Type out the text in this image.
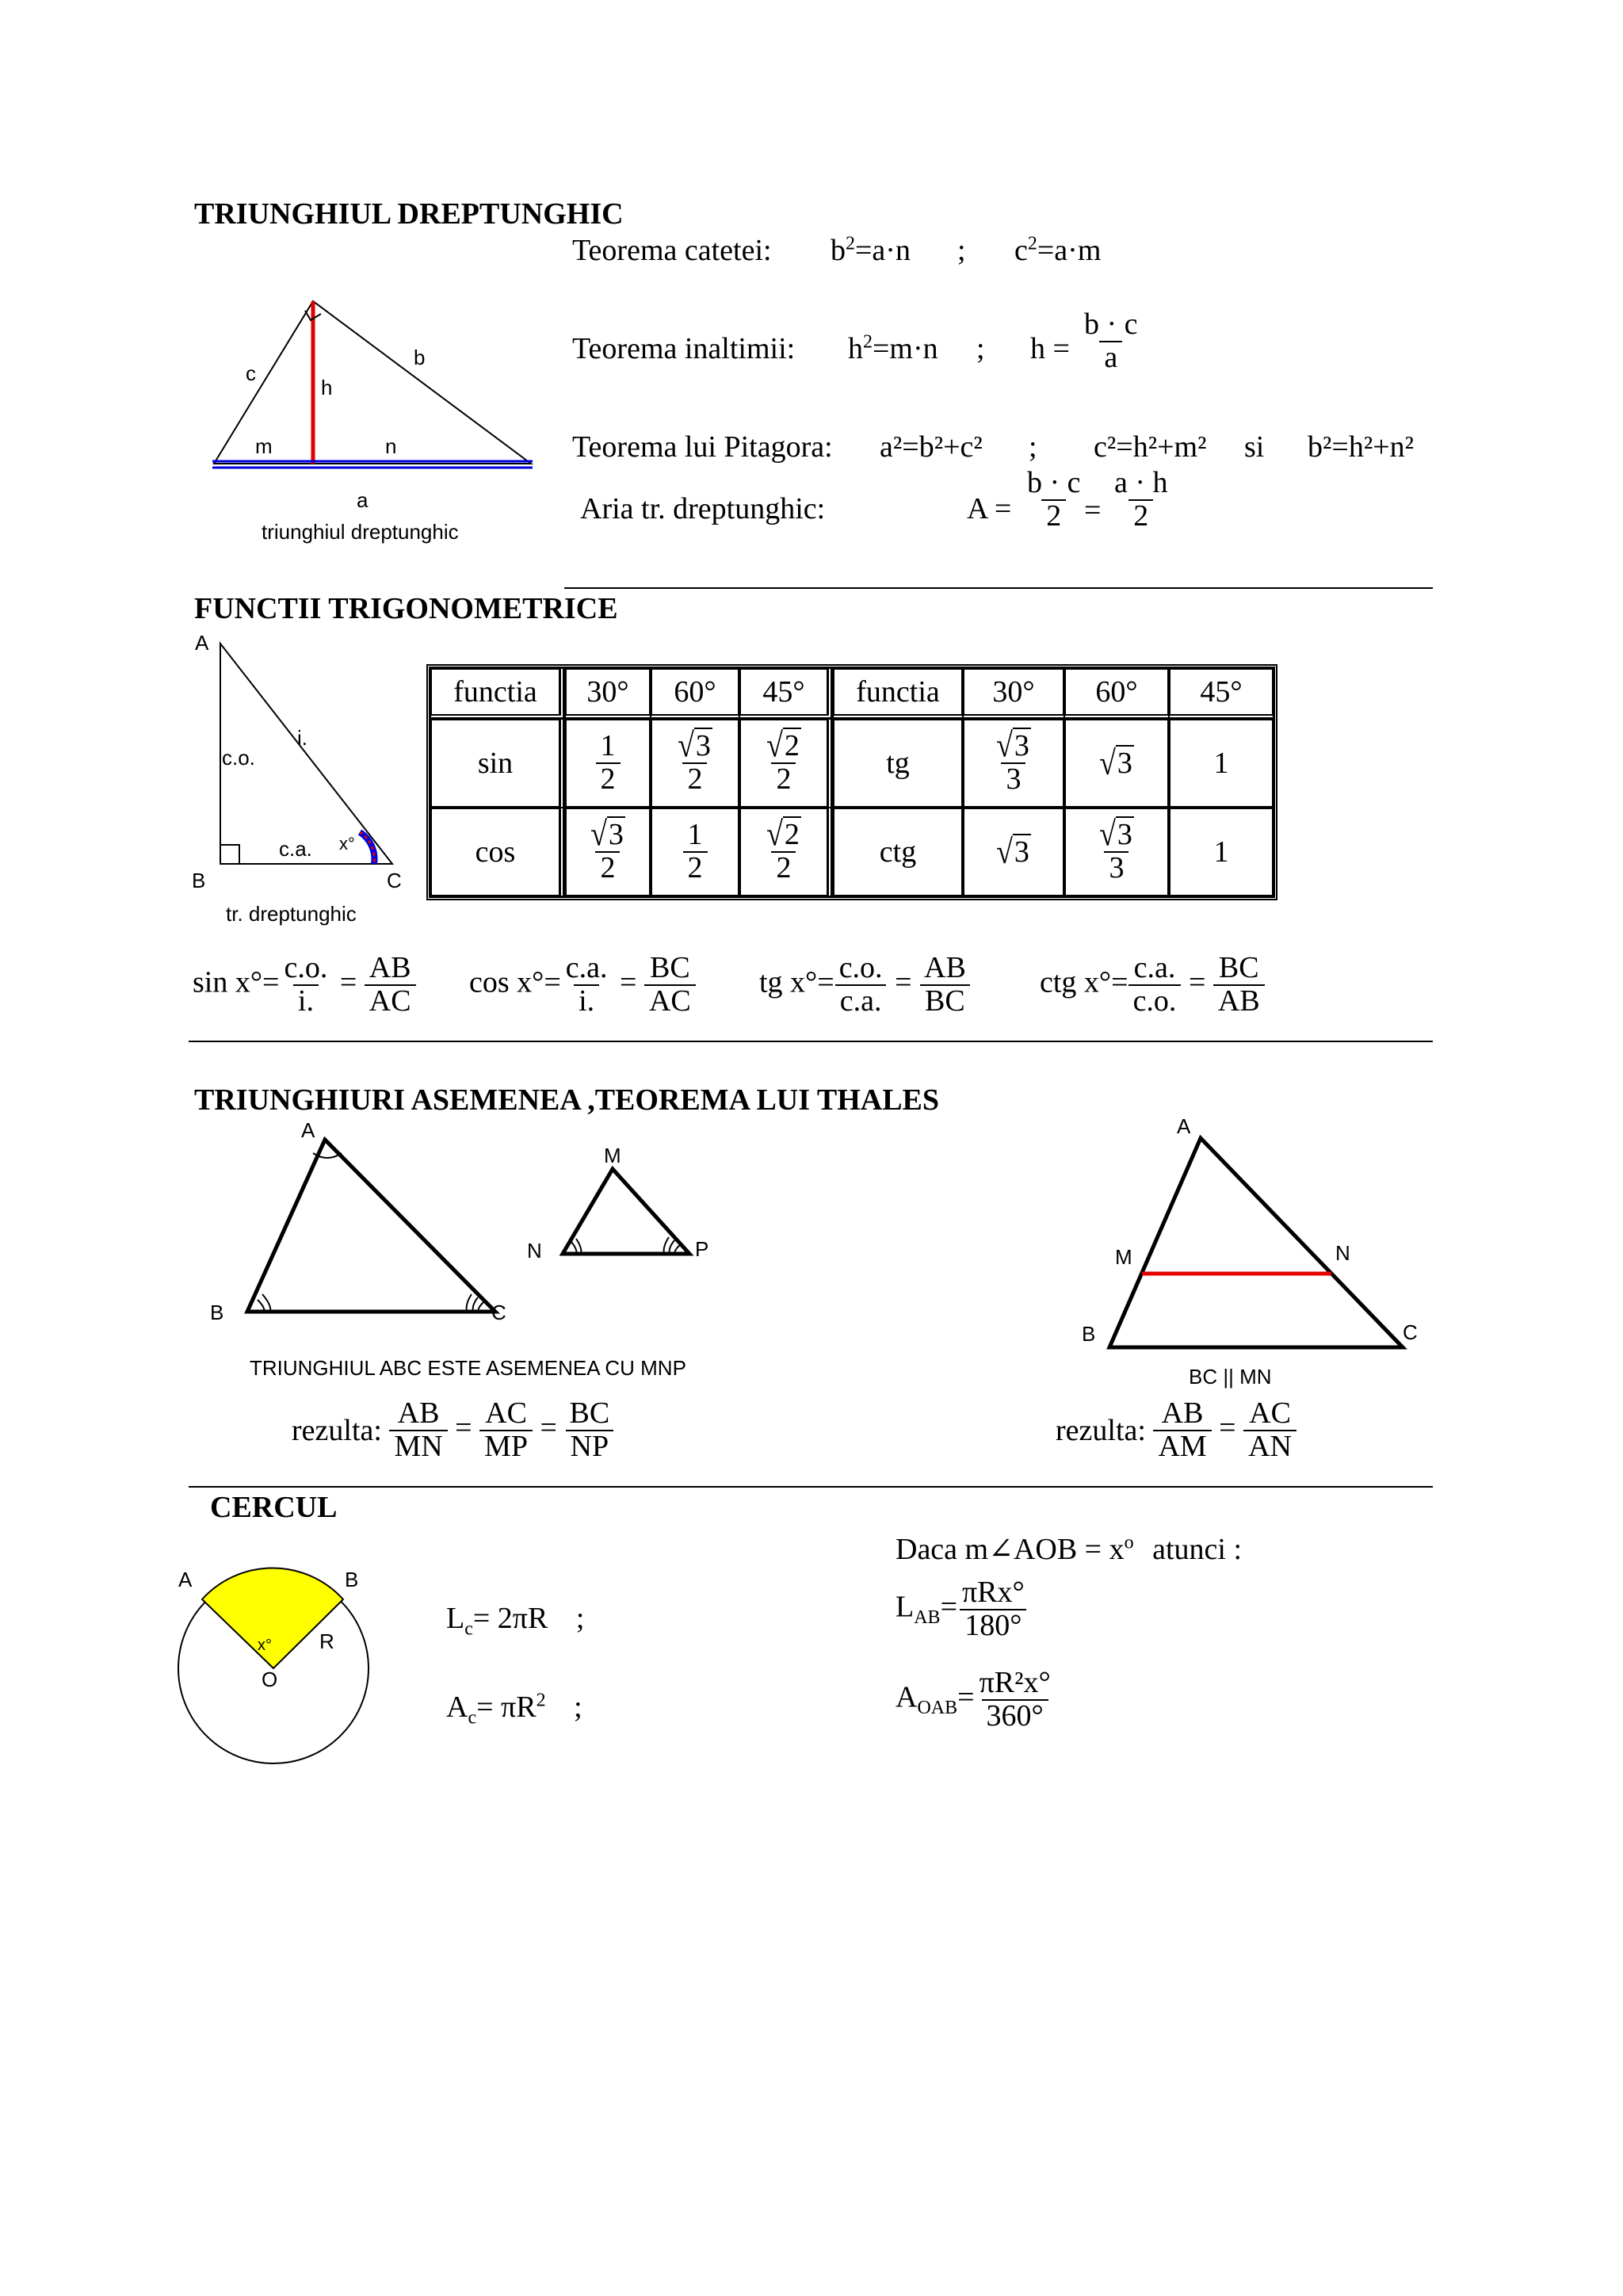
TRIUNGHIUL DREPTUNGHIC
Teorema catetei: $b^2=a\cdot n$ ; $c^2=a\cdot m$
Teorema inaltimii: $h^2=m\cdot n$ ; $h = \frac{b \cdot c}{a}$
Teorema lui Pitagora: a²=b²+c² ; c²=h²+m² si b²=h²+n²
Aria tr. dreptunghic:	$A = \frac{b \cdot c}{2}$
= $\frac{a \cdot h}{2}$
c
h
b
m	n
a
triunghiul dreptunghic
FUNCTII TRIGONOMETRICE
A
B	C
c.o.
c.a.
i.
x°
tr. dreptunghic
functia	30°	60°	45°	functia	30°	60°	45°
sin	$\frac{1}{2}$	$\frac{√3}{2}$	$\frac{√2}{2}$	tg	$\frac{√3}{3}$	√3	1
cos	$\frac{√3}{2}$	$\frac{1}{2}$	$\frac{√2}{2}$	ctg	√3	$\frac{√3}{3}$	1
$\sin x^\circ= \frac{c.o.}{i.} = \frac{AB}{AC}$ $\cos x^\circ= \frac{c.a.}{i.} = \frac{BC}{AC}$ tg $x^\circ= \frac{c.o.}{c.a.} = \frac{AB}{BC}$ ctg $x^\circ= \frac{c.a.}{c.o.} = \frac{BC}{AB}$
TRIUNGHIURI ASEMENEA ,TEOREMA LUI THALES
A
B	C
M
N	P
TRIUNGHIUL ABC ESTE ASEMENEA CU MNP
A
M	N
B	C
BC || MN
rezulta: $\frac{AB}{MN} = \frac{AC}{MP} = \frac{BC}{NP}$	rezulta: $\frac{AB}{AM} = \frac{AC}{AN}$
CERCUL
A	B
R
O
x°
Daca m∠AOB = $x^o$ atunci :
$L_c= 2\pi R$ ;
$A_c= \pi R^2$ ;
$L_{AB}= \frac{\text{πRx°}}{180^\circ}$
$A_{OAB}= \frac{\text{πR²x°}}{360^\circ}$
